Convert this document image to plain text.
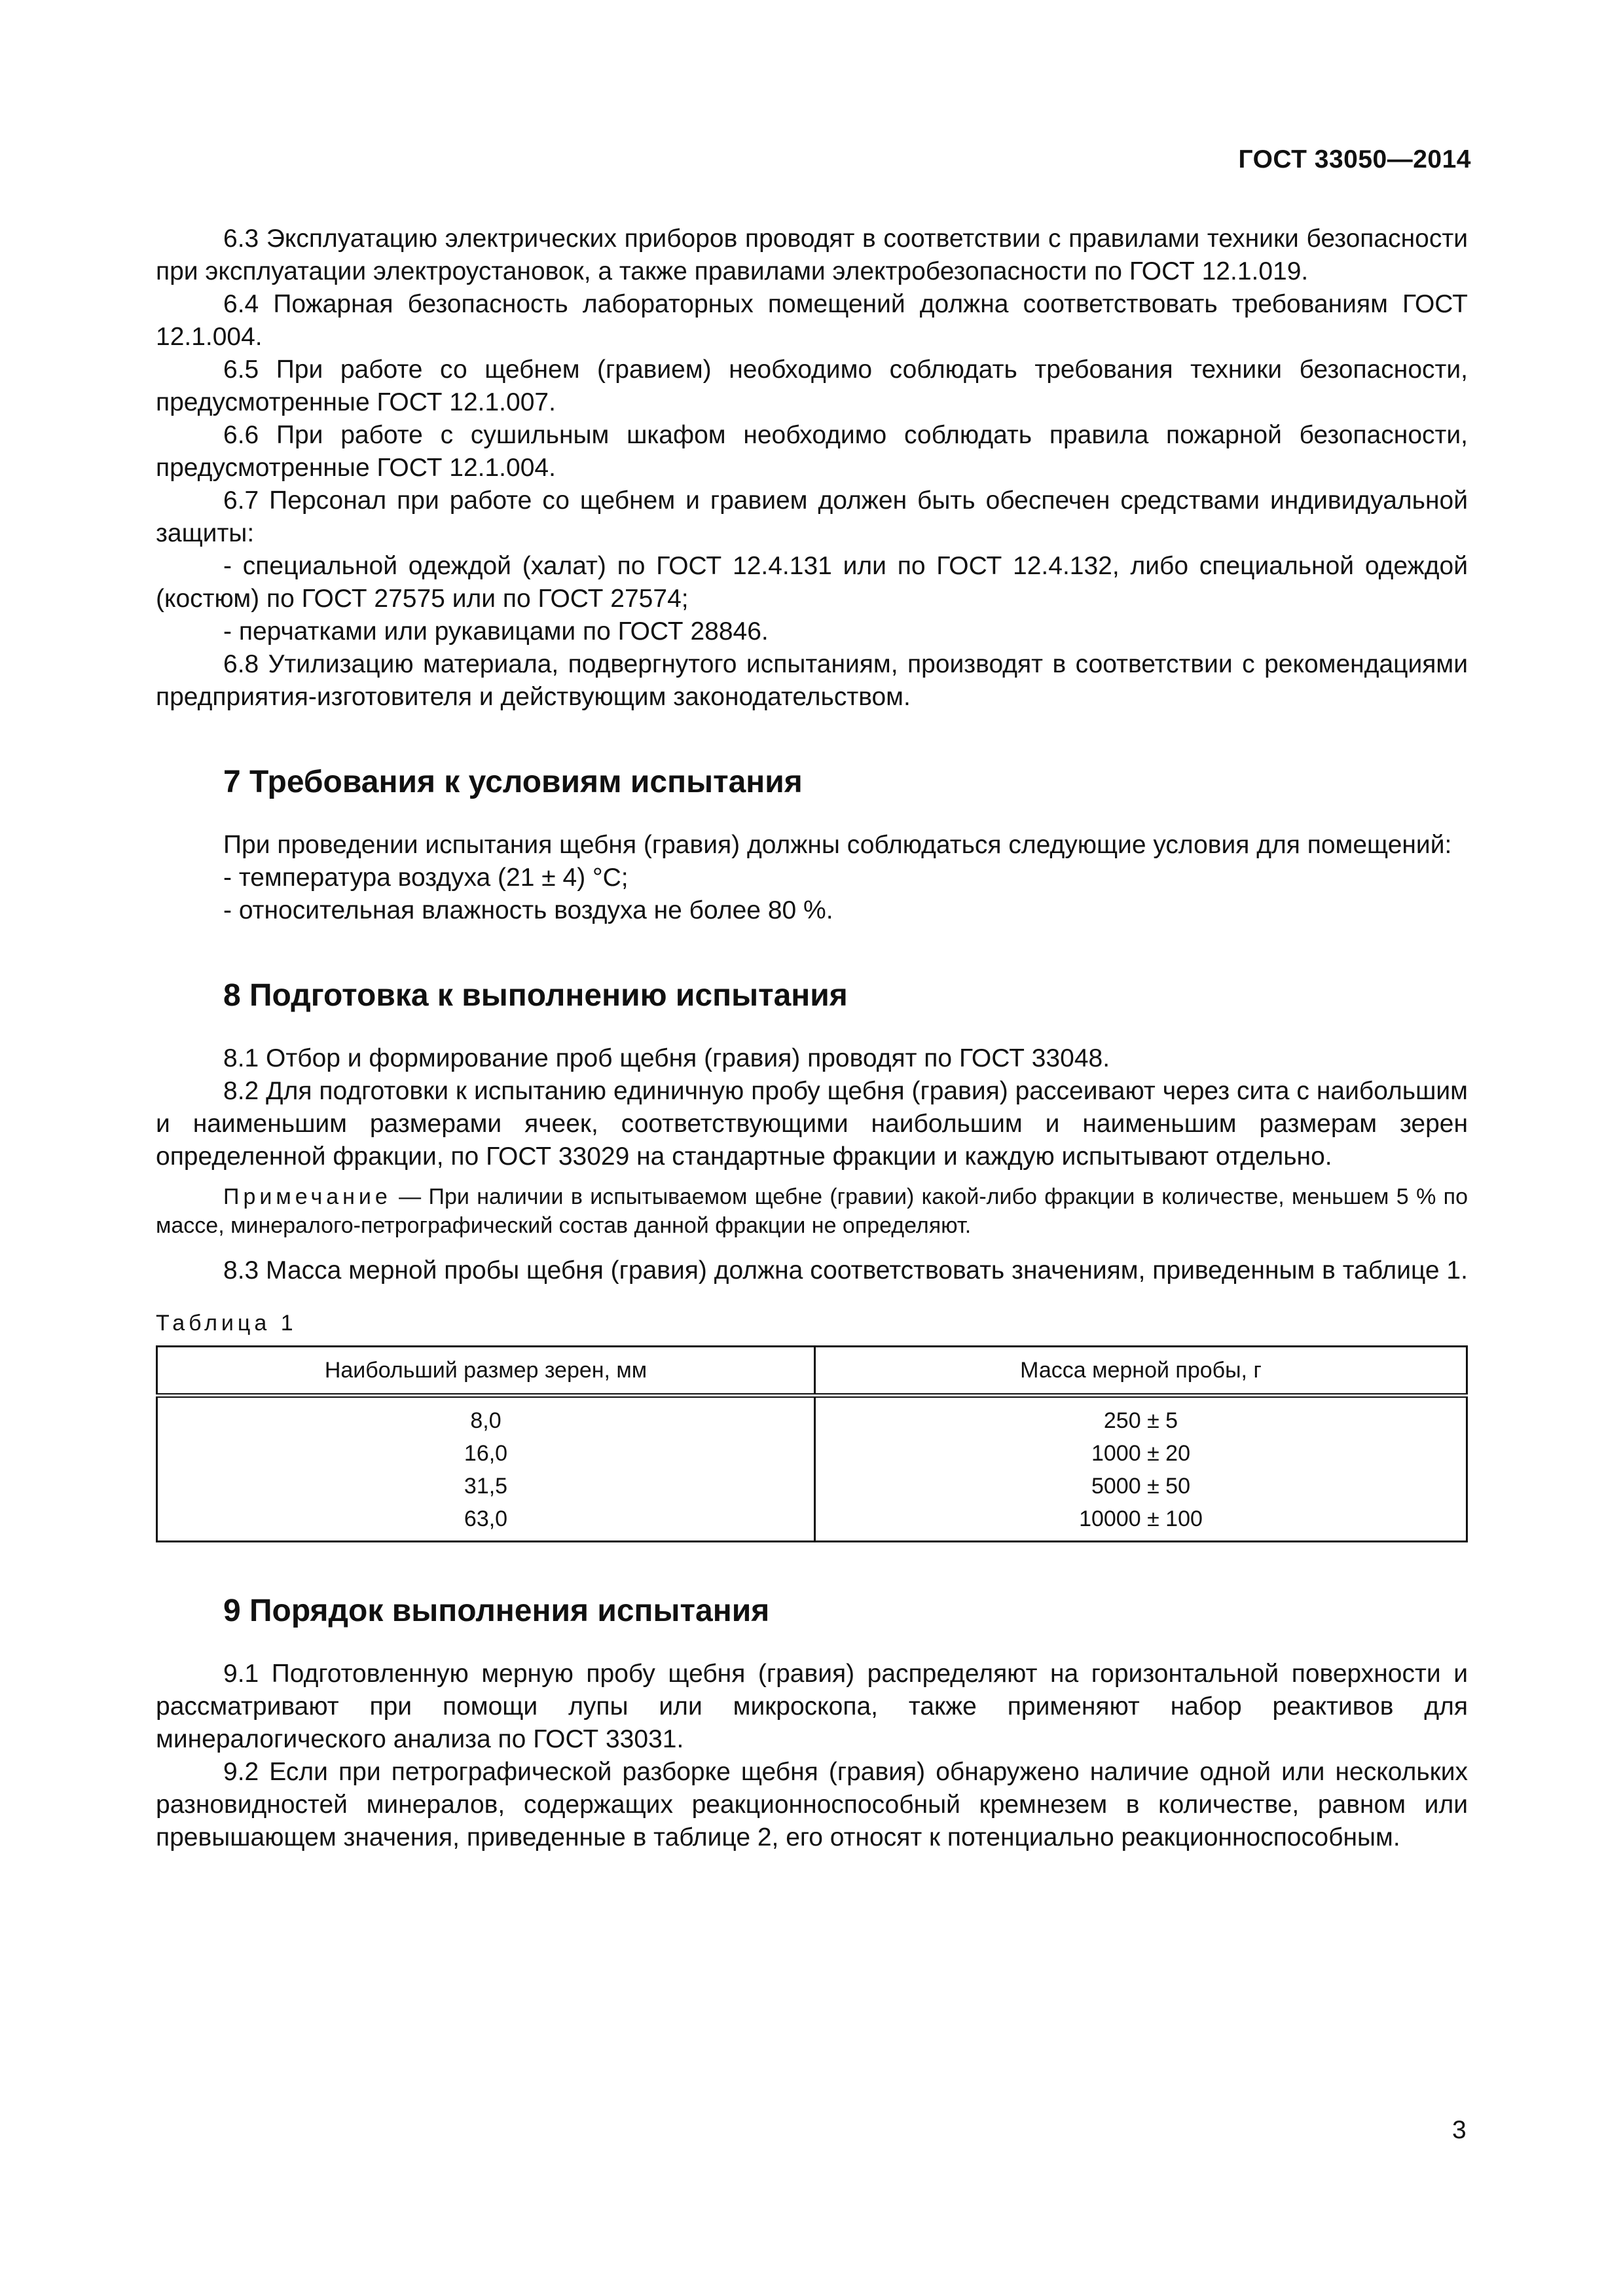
ГОСТ 33050—2014

6.3 Эксплуатацию электрических приборов проводят в соответствии с правилами техники безопасности при эксплуатации электроустановок, а также правилами электробезопасности по ГОСТ 12.1.019.

6.4 Пожарная безопасность лабораторных помещений должна соответствовать требованиям ГОСТ 12.1.004.

6.5 При работе со щебнем (гравием) необходимо соблюдать требования техники безопасности, предусмотренные ГОСТ 12.1.007.

6.6 При работе с сушильным шкафом необходимо соблюдать правила пожарной безопасности, предусмотренные ГОСТ 12.1.004.

6.7 Персонал при работе со щебнем и гравием должен быть обеспечен средствами индивидуальной защиты:

- специальной одеждой (халат) по ГОСТ 12.4.131 или по ГОСТ 12.4.132, либо специальной одеждой (костюм) по ГОСТ 27575 или по ГОСТ 27574;

- перчатками или рукавицами по ГОСТ 28846.

6.8 Утилизацию материала, подвергнутого испытаниям, производят в соответствии с рекомендациями предприятия-изготовителя и действующим законодательством.

7 Требования к условиям испытания

При проведении испытания щебня (гравия) должны соблюдаться следующие условия для помещений:

- температура воздуха (21 ± 4) °С;

- относительная влажность воздуха не более 80 %.

8 Подготовка к выполнению испытания

8.1 Отбор и формирование проб щебня (гравия) проводят по ГОСТ 33048.

8.2 Для подготовки к испытанию единичную пробу щебня (гравия) рассеивают через сита с наибольшим и наименьшим размерами ячеек, соответствующими наибольшим и наименьшим размерам зерен определенной фракции, по ГОСТ 33029 на стандартные фракции и каждую испытывают отдельно.

Примечание — При наличии в испытываемом щебне (гравии) какой-либо фракции в количестве, меньшем 5 % по массе, минералого-петрографический состав данной фракции не определяют.

8.3 Масса мерной пробы щебня (гравия) должна соответствовать значениям, приведенным в таблице 1.

Таблица 1
Наибольший размер зерен, мм	Масса мерной пробы, г
8,0	250 ± 5
16,0	1000 ± 20
31,5	5000 ± 50
63,0	10000 ± 100
9 Порядок выполнения испытания

9.1 Подготовленную мерную пробу щебня (гравия) распределяют на горизонтальной поверхности и рассматривают при помощи лупы или микроскопа, также применяют набор реактивов для минералогического анализа по ГОСТ 33031.

9.2 Если при петрографической разборке щебня (гравия) обнаружено наличие одной или нескольких разновидностей минералов, содержащих реакционноспособный кремнезем в количестве, равном или превышающем значения, приведенные в таблице 2, его относят к потенциально реакционноспособным.

3
